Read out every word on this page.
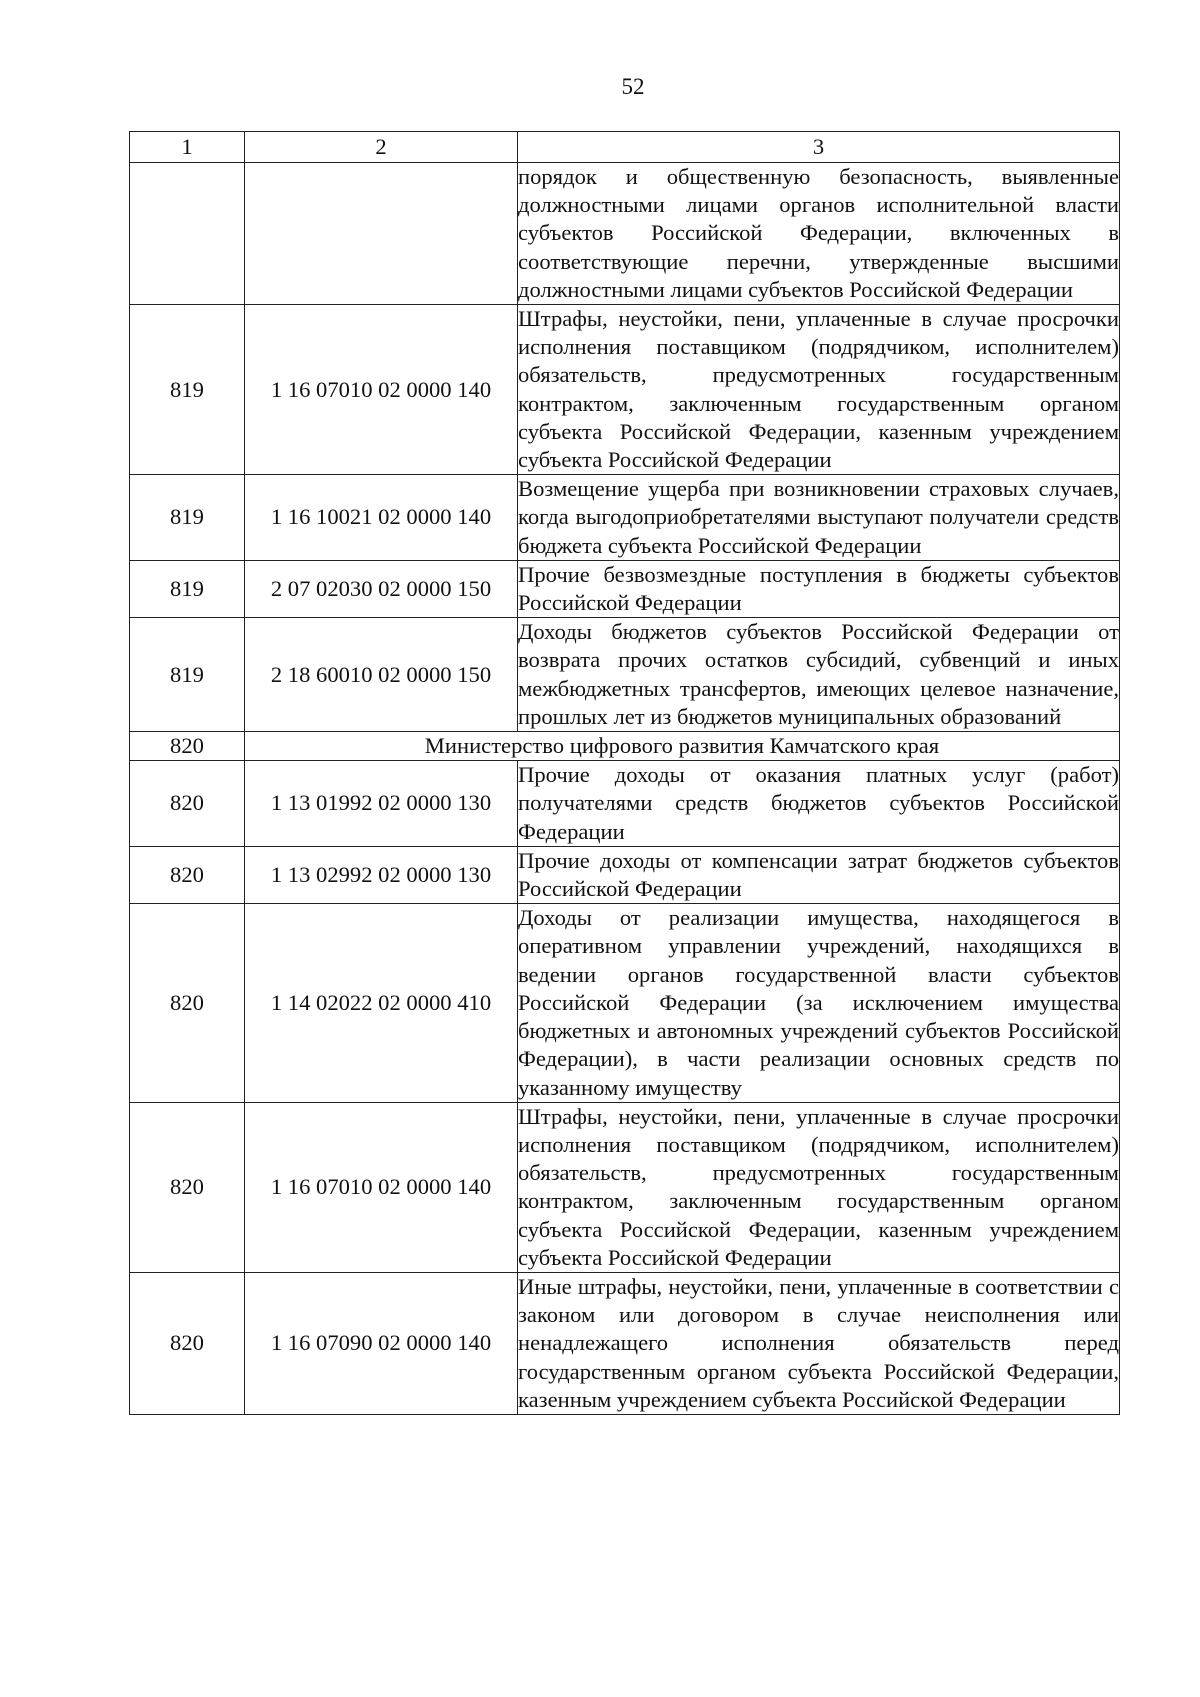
52
1	2	3
		порядок и общественную безопасность, выявленные должностными лицами органов исполнительной власти субъектов Российской Федерации, включенных в соответствующие перечни, утвержденные высшими должностными лицами субъектов Российской Федерации
819	1 16 07010 02 0000 140	Штрафы, неустойки, пени, уплаченные в случае просрочки исполнения поставщиком (подрядчиком, исполнителем) обязательств, предусмотренных государственным контрактом, заключенным государственным органом субъекта Российской Федерации, казенным учреждением субъекта Российской Федерации
819	1 16 10021 02 0000 140	Возмещение ущерба при возникновении страховых случаев, когда выгодоприобретателями выступают получатели средств бюджета субъекта Российской Федерации
819	2 07 02030 02 0000 150	Прочие безвозмездные поступления в бюджеты субъектов Российской Федерации
819	2 18 60010 02 0000 150	Доходы бюджетов субъектов Российской Федерации от возврата прочих остатков субсидий, субвенций и иных межбюджетных трансфертов, имеющих целевое назначение, прошлых лет из бюджетов муниципальных образований
820	Министерство цифрового развития Камчатского края	
820	1 13 01992 02 0000 130	Прочие доходы от оказания платных услуг (работ) получателями средств бюджетов субъектов Российской Федерации
820	1 13 02992 02 0000 130	Прочие доходы от компенсации затрат бюджетов субъектов Российской Федерации
820	1 14 02022 02 0000 410	Доходы от реализации имущества, находящегося в оперативном управлении учреждений, находящихся в ведении органов государственной власти субъектов Российской Федерации (за исключением имущества бюджетных и автономных учреждений субъектов Российской Федерации), в части реализации основных средств по указанному имуществу
820	1 16 07010 02 0000 140	Штрафы, неустойки, пени, уплаченные в случае просрочки исполнения поставщиком (подрядчиком, исполнителем) обязательств, предусмотренных государственным контрактом, заключенным государственным органом субъекта Российской Федерации, казенным учреждением субъекта Российской Федерации
820	1 16 07090 02 0000 140	Иные штрафы, неустойки, пени, уплаченные в соответствии с законом или договором в случае неисполнения или ненадлежащего исполнения обязательств перед государственным органом субъекта Российской Федерации, казенным учреждением субъекта Российской Федерации
